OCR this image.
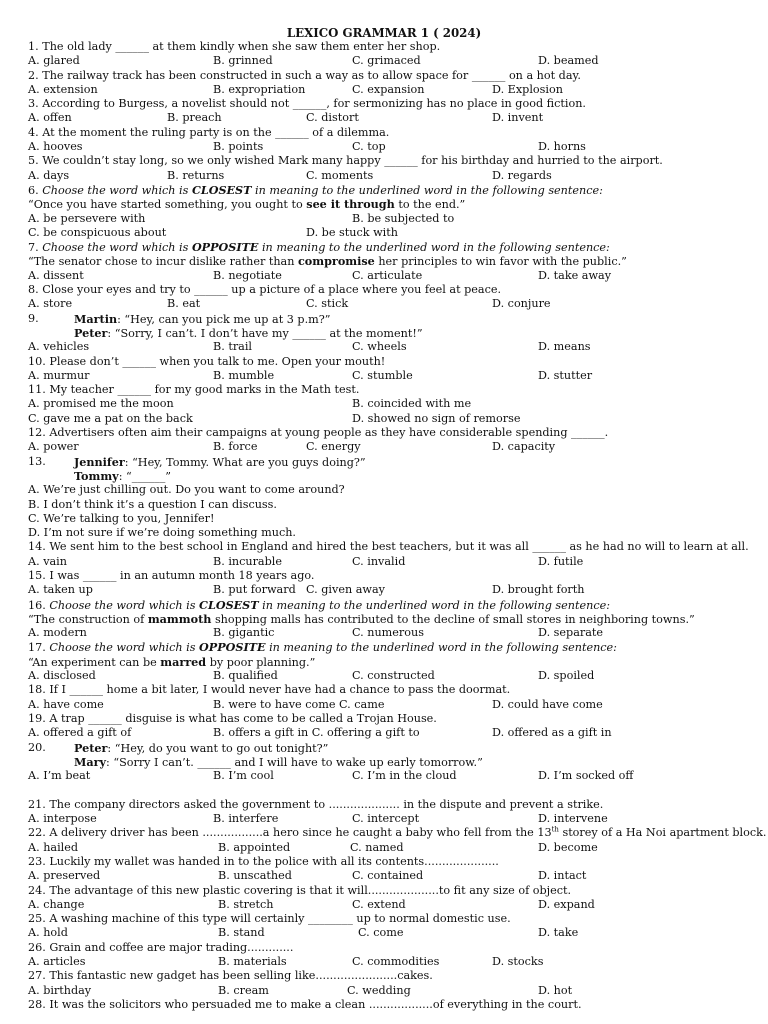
LEXICO GRAMMAR 1 ( 2024)
1. The old lady ______ at them kindly when she saw them enter her shop.
A. glared	B. grinned	C. grimaced	D. beamed
2. The railway track has been constructed in such a way as to allow space for ______ on a hot day.
A. extension	B. expropriation	C. expansion	D. Explosion
3. According to Burgess, a novelist should not ______, for sermonizing has no place in good fiction.
A. offen	B. preach	C. distort	D. invent
4. At the moment the ruling party is on the ______ of a dilemma.
A. hooves	B. points	C. top	D. horns
5. We couldn’t stay long, so we only wished Mark many happy ______ for his birthday and hurried to the airport.
A. days	B. returns	C. moments	D. regards
6. Choose the word which is CLOSEST in meaning to the underlined word in the following sentence:
“Once you have started something, you ought to see it through to the end.”
A. be persevere with	B. be subjected to
C. be conspicuous about	D. be stuck with
7. Choose the word which is OPPOSITE in meaning to the underlined word in the following sentence:
“The senator chose to incur dislike rather than compromise her principles to win favor with the public.”
A. dissent	B. negotiate	C. articulate	D. take away
8. Close your eyes and try to ______ up a picture of a place where you feel at peace.
A. store	B. eat	C. stick	D. conjure
9.	Martin: “Hey, can you pick me up at 3 p.m?”
Peter: “Sorry, I can’t. I don’t have my ______ at the moment!”
A. vehicles	B. trail	C. wheels	D. means
10. Please don’t ______ when you talk to me. Open your mouth!
A. murmur	B. mumble	C. stumble	D. stutter
11. My teacher ______ for my good marks in the Math test.
A. promised me the moon	B. coincided with me
C. gave me a pat on the back	D. showed no sign of remorse
12. Advertisers often aim their campaigns at young people as they have considerable spending ______.
A. power	B. force	C. energy	D. capacity
13.	Jennifer: “Hey, Tommy. What are you guys doing?”
Tommy: “______”
A. We’re just chilling out. Do you want to come around?
B. I don’t think it’s a question I can discuss.
C. We’re talking to you, Jennifer!
D. I’m not sure if we’re doing something much.
14. We sent him to the best school in England and hired the best teachers, but it was all ______ as he had no will to learn at all.
A. vain	B. incurable	C. invalid	D. futile
15. I was ______ in an autumn month 18 years ago.
A. taken up	B. put forward C. given away	D. brought forth
16. Choose the word which is CLOSEST in meaning to the underlined word in the following sentence:
“The construction of mammoth shopping malls has contributed to the decline of small stores in neighboring towns.”
A. modern	B. gigantic	C. numerous	D. separate
17. Choose the word which is OPPOSITE in meaning to the underlined word in the following sentence:
“An experiment can be marred by poor planning.”
A. disclosed	B. qualified	C. constructed	D. spoiled
18. If I ______ home a bit later, I would never have had a chance to pass the doormat.
A. have come	B. were to have come C. came	D. could have come
19. A trap ______ disguise is what has come to be called a Trojan House.
A. offered a gift of	B. offers a gift in C. offering a gift to	D. offered as a gift in
20.	Peter: “Hey, do you want to go out tonight?”
Mary: “Sorry I can’t. ______ and I will have to wake up early tomorrow.”
A. I’m beat	B. I’m cool	C. I’m in the cloud	D. I’m socked off
21. The company directors asked the government to .................... in the dispute and prevent a strike.
A. interpose	B. interfere	C. intercept	D. intervene
22. A delivery driver has been .................a hero since he caught a baby who fell from the 13th storey of a Ha Noi apartment block.
A. hailed	B. appointed	C. named	D. become
23. Luckily my wallet was handed in to the police with all its contents.....................
A. preserved	B. unscathed	C. contained	D. intact
24. The advantage of this new plastic covering is that it will....................to fit any size of object.
A. change	B. stretch	C. extend	D. expand
25. A washing machine of this type will certainly ________ up to normal domestic use.
A. hold	B. stand	C. come	D. take
26. Grain and coffee are major trading.............
A. articles	B. materials	C. commodities	D. stocks
27. This fantastic new gadget has been selling like.......................cakes.
A. birthday	B. cream	C. wedding	D. hot
28. It was the solicitors who persuaded me to make a clean ..................of everything in the court.
